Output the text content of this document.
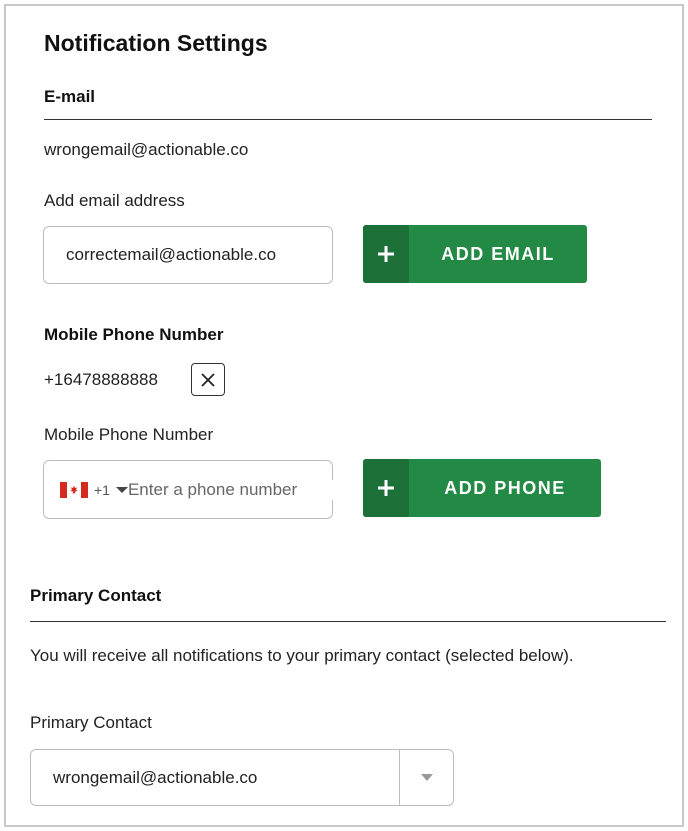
Notification Settings
E-mail
wrongemail@actionable.co
Add email address
correctemail@actionable.co
ADD EMAIL
Mobile Phone Number
+16478888888
Mobile Phone Number
+1
Enter a phone number	ADD PHONE
Primary Contact
You will receive all notifications to your primary contact (selected below).
Primary Contact
wrongemail@actionable.co
